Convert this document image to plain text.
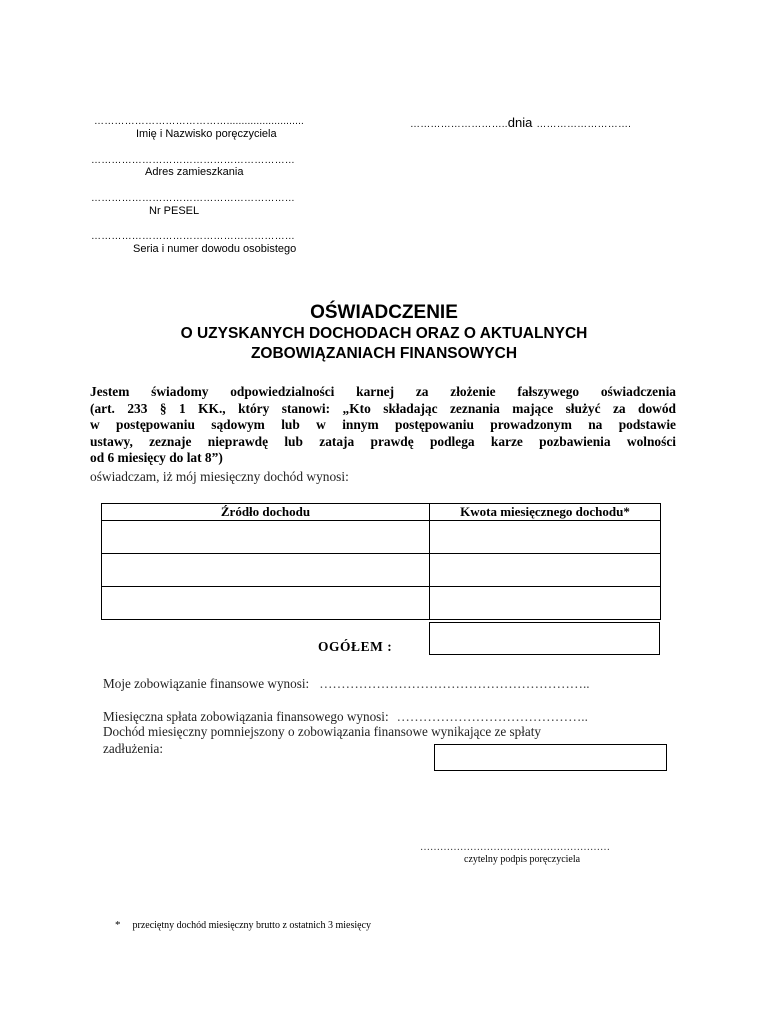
…………………………………..........................
Imię i Nazwisko poręczyciela
………………………..dnia ……………………….
……………………………………………………
Adres zamieszkania
……………………………………………………
Nr PESEL
……………………………………………………
Seria i numer dowodu osobistego
OŚWIADCZENIE
O UZYSKANYCH DOCHODACH ORAZ O AKTUALNYCH
ZOBOWIĄZANIACH FINANSOWYCH
Jestem świadomy odpowiedzialności karnej za złożenie fałszywego oświadczenia
(art. 233 § 1 KK., który stanowi: „Kto składając zeznania mające służyć za dowód
w postępowaniu sądowym lub w innym postępowaniu prowadzonym na podstawie
ustawy, zeznaje nieprawdę lub zataja prawdę podlega karze pozbawienia wolności
od 6 miesięcy do lat 8”)
oświadczam, iż mój miesięczny dochód wynosi:
Źródło dochodu	Kwota miesięcznego dochodu*

OGÓŁEM :
Moje zobowiązanie finansowe wynosi: ……………………………………………………..
Miesięczna spłata zobowiązania finansowego wynosi: ……………………………………..
Dochód miesięczny pomniejszony o zobowiązania finansowe wynikające ze spłaty
zadłużenia:
…………………………………………………
czytelny podpis poręczyciela
* przeciętny dochód miesięczny brutto z ostatnich 3 miesięcy
